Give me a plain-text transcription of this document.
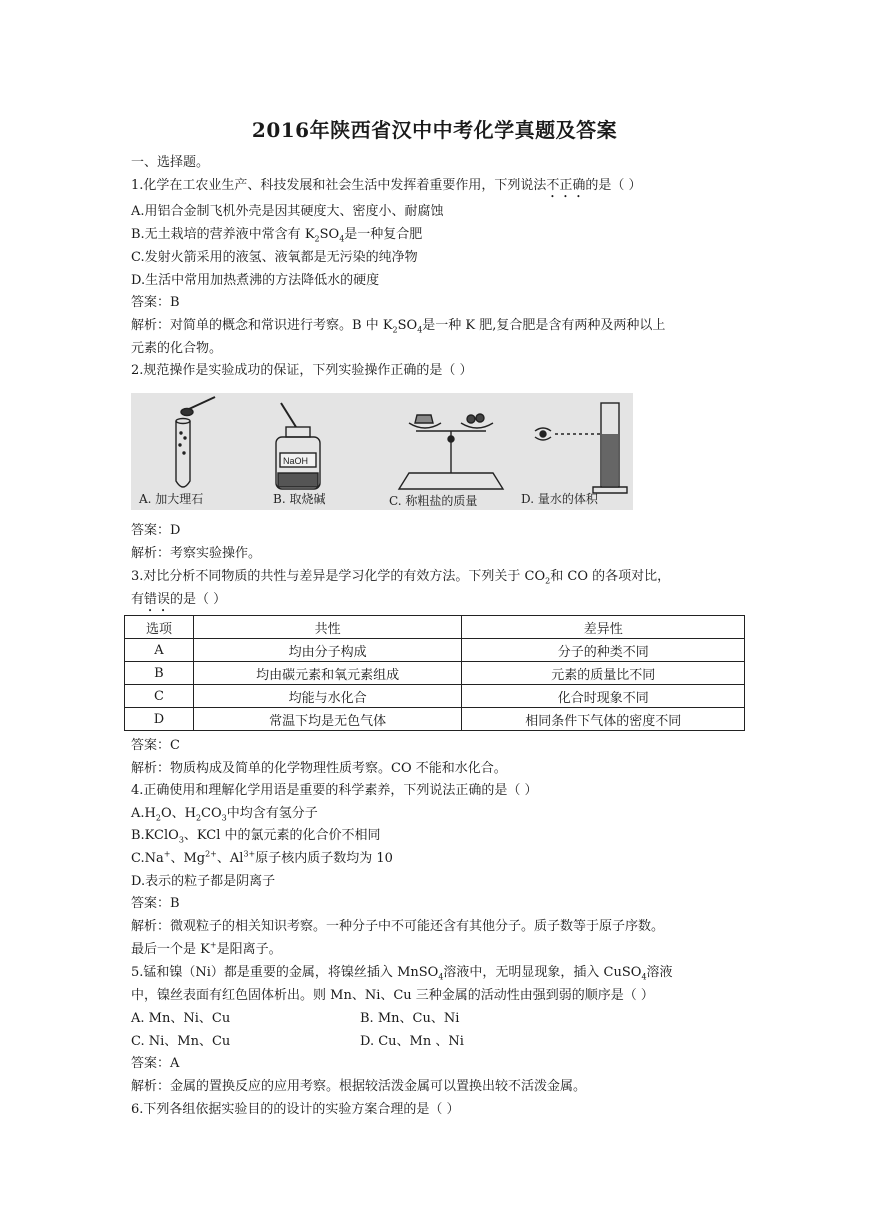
2016年陕西省汉中中考化学真题及答案
一、选择题。
1.化学在工农业生产、科技发展和社会生活中发挥着重要作用，下列说法不正确的是（ ）
A.用铝合金制飞机外壳是因其硬度大、密度小、耐腐蚀
B.无土栽培的营养液中常含有 $K_2SO_4$是一种复合肥
C.发射火箭采用的液氢、液氧都是无污染的纯净物
D.生活中常用加热煮沸的方法降低水的硬度
答案：B
解析：对简单的概念和常识进行考察。B 中 $K_2SO_4$是一种 K 肥,复合肥是含有两种及两种以上
元素的化合物。
2.规范操作是实验成功的保证，下列实验操作正确的是（ ）
NaOH
A. 加大理石	B. 取烧碱	C. 称粗盐的质量	D. 量水的体积
答案：D
解析：考察实验操作。
3.对比分析不同物质的共性与差异是学习化学的有效方法。下列关于 $CO_2$和 CO 的各项对比，
有错误的是（ ）
选项	共性	差异性
A	均由分子构成	分子的种类不同
B	均由碳元素和氧元素组成	元素的质量比不同
C	均能与水化合	化合时现象不同
D	常温下均是无色气体	相同条件下气体的密度不同
答案：C
解析：物质构成及简单的化学物理性质考察。CO 不能和水化合。
4.正确使用和理解化学用语是重要的科学素养，下列说法正确的是（ ）
$A.H_2O$、$H_2CO_3$中均含有氢分子
B.KClO$_3$、KCl 中的氯元素的化合价不相同
C.Na+、$Mg^{2+}$、$Al^{3+}$原子核内质子数均为 10
D.表示的粒子都是阴离子
答案：B
解析：微观粒子的相关知识考察。一种分子中不可能还含有其他分子。质子数等于原子序数。
最后一个是 K+是阳离子。
5.锰和镍（Ni）都是重要的金属，将镍丝插入 MnSO$_4$溶液中，无明显现象，插入 CuSO$_4$溶液
中，镍丝表面有红色固体析出。则 Mn、Ni、Cu 三种金属的活动性由强到弱的顺序是（ ）
A. Mn、Ni、Cu	B. Mn、Cu、Ni
C. Ni、Mn、Cu	D. Cu、Mn 、Ni
答案：A
解析：金属的置换反应的应用考察。根据较活泼金属可以置换出较不活泼金属。
6.下列各组依据实验目的的设计的实验方案合理的是（ ）
